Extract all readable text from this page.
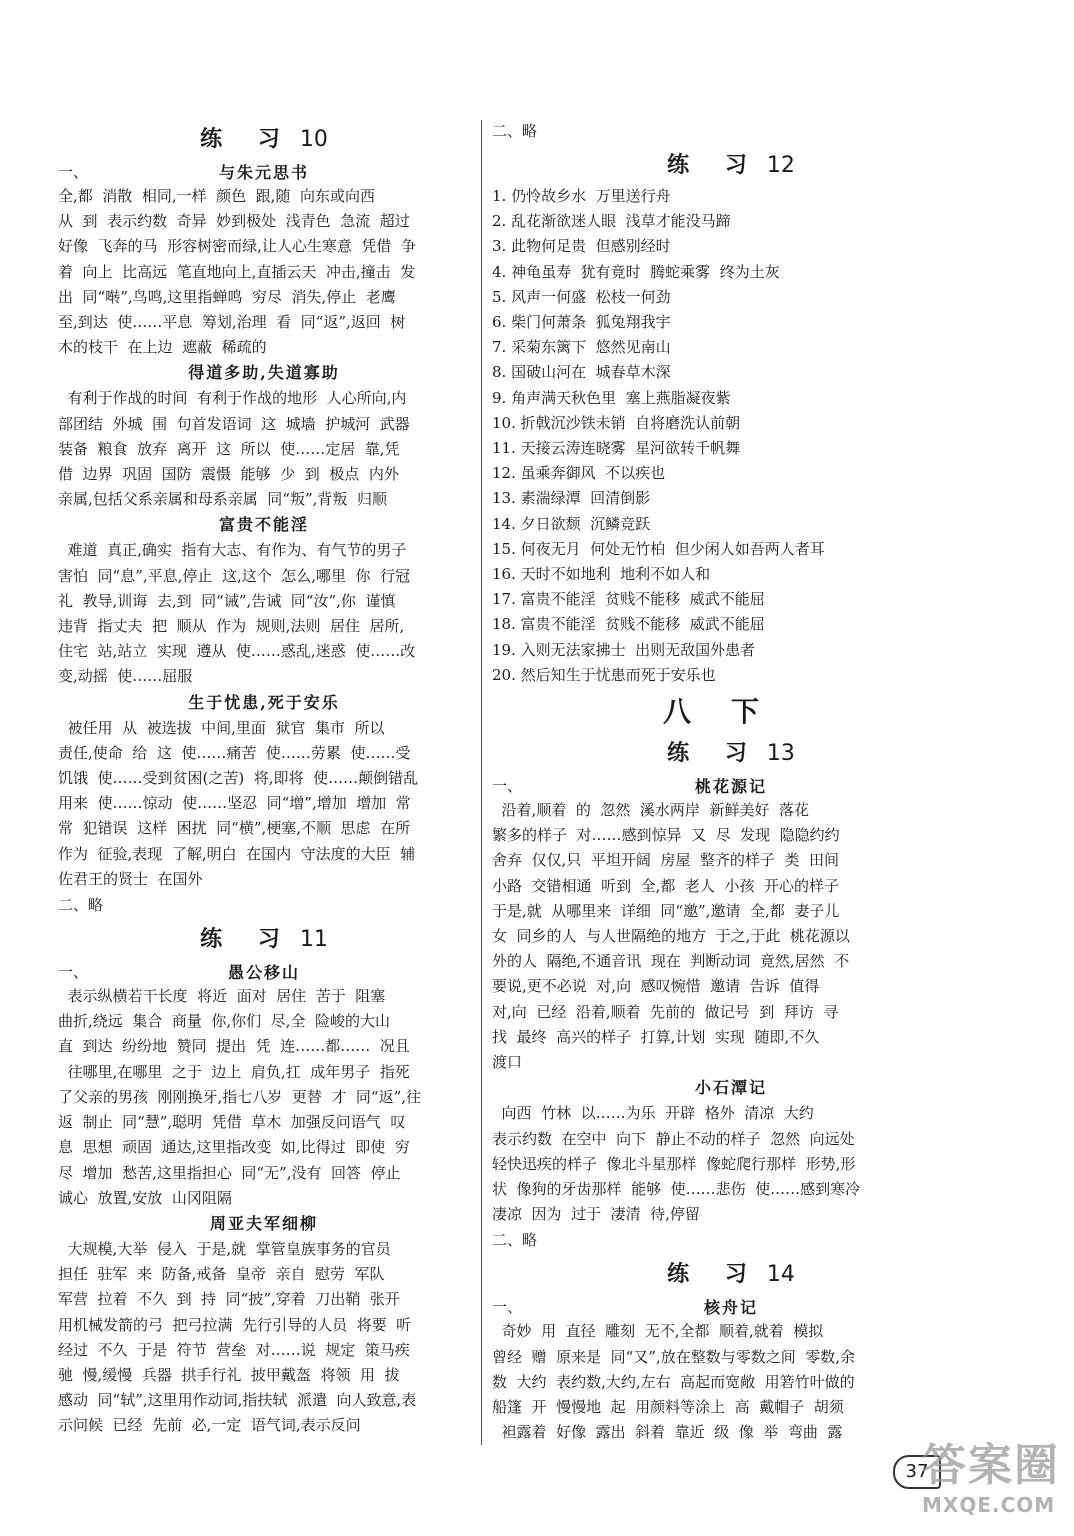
练 习 10
一、	与朱元思书

全,都  消散  相同,一样  颜色  跟,随  向东或向西

从  到  表示约数  奇异  妙到极处  浅青色  急流  超过

好像  飞奔的马  形容树密而绿,让人心生寒意  凭借  争

着  向上  比高远  笔直地向上,直插云天  冲击,撞击  发

出  同“啭”,鸟鸣,这里指蝉鸣  穷尽  消失,停止  老鹰

至,到达  使……平息  筹划,治理  看  同“返”,返回  树

木的枝干  在上边  遮蔽  稀疏的

得道多助,失道寡助

有利于作战的时间  有利于作战的地形  人心所向,内

部团结  外城  围  句首发语词  这  城墙  护城河  武器

装备  粮食  放弃  离开  这  所以  使……定居  靠,凭

借  边界  巩固  国防  震慑  能够  少  到  极点  内外

亲属,包括父系亲属和母系亲属  同“叛”,背叛  归顺

富贵不能淫

难道  真正,确实  指有大志、有作为、有气节的男子

害怕  同“息”,平息,停止  这,这个  怎么,哪里  你  行冠

礼  教导,训诲  去,到  同“诫”,告诫  同“汝”,你  谨慎

违背  指丈夫  把  顺从  作为  规则,法则  居住  居所,

住宅  站,站立  实现  遵从  使……惑乱,迷惑  使……改

变,动摇  使……屈服

生于忧患,死于安乐

被任用  从  被选拔  中间,里面  狱官  集市  所以

责任,使命  给  这  使……痛苦  使……劳累  使……受

饥饿  使……受到贫困(之苦)  将,即将  使……颠倒错乱

用来  使……惊动  使……坚忍  同“增”,增加  增加  常

常  犯错误  这样  困扰  同“横”,梗塞,不顺  思虑  在所

作为  征验,表现  了解,明白  在国内  守法度的大臣  辅

佐君王的贤士  在国外

二、略

练 习 11
一、	愚公移山

表示纵横若干长度  将近  面对  居住  苦于  阻塞

曲折,绕远  集合  商量  你,你们  尽,全  险峻的大山

直  到达  纷纷地  赞同  提出  凭  连……都……  况且

往哪里,在哪里  之于  边上  肩负,扛  成年男子  指死

了父亲的男孩  刚刚换牙,指七八岁  更替  才  同“返”,往

返  制止  同“慧”,聪明  凭借  草木  加强反问语气  叹

息  思想  顽固  通达,这里指改变  如,比得过  即使  穷

尽  增加  愁苦,这里指担心  同“无”,没有  回答  停止

诚心  放置,安放  山冈阻隔

周亚夫军细柳

大规模,大举  侵入  于是,就  掌管皇族事务的官员

担任  驻军  来  防备,戒备  皇帝  亲自  慰劳  军队

军营  拉着  不久  到  持  同“披”,穿着  刀出鞘  张开

用机械发箭的弓  把弓拉满  先行引导的人员  将要  听

经过  不久  于是  符节  营垒  对……说  规定  策马疾

驰  慢,缓慢  兵器  拱手行礼  披甲戴盔  将领  用  拔

感动  同“轼”,这里用作动词,指扶轼  派遣  向人致意,表

示问候  已经  先前  必,一定  语气词,表示反问

二、略

练 习 12

1. 仍怜故乡水  万里送行舟

2. 乱花渐欲迷人眼  浅草才能没马蹄

3. 此物何足贵  但感别经时

4. 神龟虽寿  犹有竟时  腾蛇乘雾  终为土灰

5. 风声一何盛  松枝一何劲

6. 柴门何萧条  狐兔翔我宇

7. 采菊东篱下  悠然见南山

8. 国破山河在  城春草木深

9. 角声满天秋色里  塞上燕脂凝夜紫

10. 折戟沉沙铁未销  自将磨洗认前朝

11. 天接云涛连晓雾  星河欲转千帆舞

12. 虽乘奔御风  不以疾也

13. 素湍绿潭  回清倒影

14. 夕日欲颓  沉鳞竞跃

15. 何夜无月  何处无竹柏  但少闲人如吾两人者耳

16. 天时不如地利  地利不如人和

17. 富贵不能淫  贫贱不能移  威武不能屈

18. 富贵不能淫  贫贱不能移  威武不能屈

19. 入则无法家拂士  出则无敌国外患者

20. 然后知生于忧患而死于安乐也

八下
练 习 13
一、	桃花源记

沿着,顺着  的  忽然  溪水两岸  新鲜美好  落花

繁多的样子  对……感到惊异  又  尽  发现  隐隐约约

舍弃  仅仅,只  平坦开阔  房屋  整齐的样子  类  田间

小路  交错相通  听到  全,都  老人  小孩  开心的样子

于是,就  从哪里来  详细  同“邀”,邀请  全,都  妻子儿

女  同乡的人  与人世隔绝的地方  于之,于此  桃花源以

外的人  隔绝,不通音讯  现在  判断动词  竟然,居然  不

要说,更不必说  对,向  感叹惋惜  邀请  告诉  值得

对,向  已经  沿着,顺着  先前的  做记号  到  拜访  寻

找  最终  高兴的样子  打算,计划  实现  随即,不久

渡口

小石潭记

向西  竹林  以……为乐  开辟  格外  清凉  大约

表示约数  在空中  向下  静止不动的样子  忽然  向远处

轻快迅疾的样子  像北斗星那样  像蛇爬行那样  形势,形

状  像狗的牙齿那样  能够  使……悲伤  使……感到寒冷

凄凉  因为  过于  凄清  待,停留

二、略

练 习 14
一、	核舟记

奇妙  用  直径  雕刻  无不,全都  顺着,就着  模拟

曾经  赠  原来是  同“又”,放在整数与零数之间  零数,余

数  大约  表约数,大约,左右  高起而宽敞  用箬竹叶做的

船篷  开  慢慢地  起  用颜料等涂上  高  戴帽子  胡须

袒露着  好像  露出  斜着  靠近  级  像  举  弯曲  露

37
答案圈
MXQE.COM
